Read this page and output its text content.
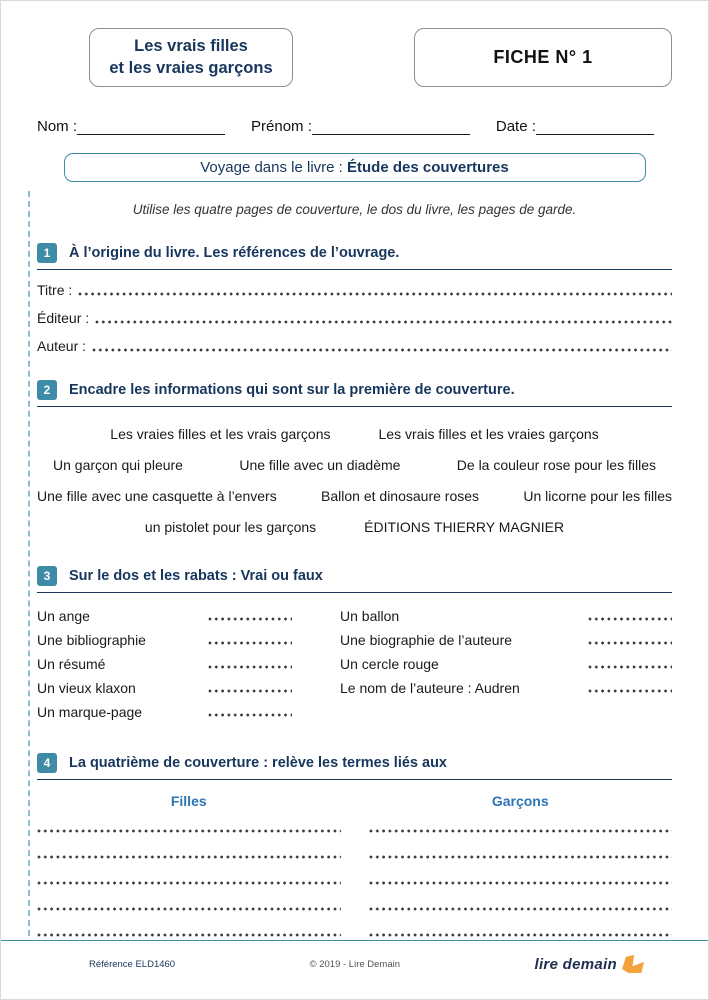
Les vrais filles
et les vraies garçons
FICHE N° 1
Nom :	Prénom :	Date :
Voyage dans le livre : Étude des couvertures
Utilise les quatre pages de couverture, le dos du livre, les pages de garde.
1	À l’origine du livre. Les références de l’ouvrage.
Titre :
Éditeur :
Auteur :
2	Encadre les informations qui sont sur la première de couverture.
Les vraies filles et les vrais garçons	Les vrais filles et les vraies garçons
Un garçon qui pleure	Une fille avec un diadème	De la couleur rose pour les filles
Une fille avec une casquette à l’envers	Ballon et dinosaure roses	Un licorne pour les filles
un pistolet pour les garçons	ÉDITIONS THIERRY MAGNIER
3	Sur le dos et les rabats : Vrai ou faux
Un ange
Une bibliographie
Un résumé
Un vieux klaxon
Un marque-page
Un ballon
Une biographie de l’auteure
Un cercle rouge
Le nom de l’auteure : Audren
4	La quatrième de couverture : relève les termes liés aux
Filles	Garçons
Référence ELD1460	© 2019 - Lire Demain	lire demain
